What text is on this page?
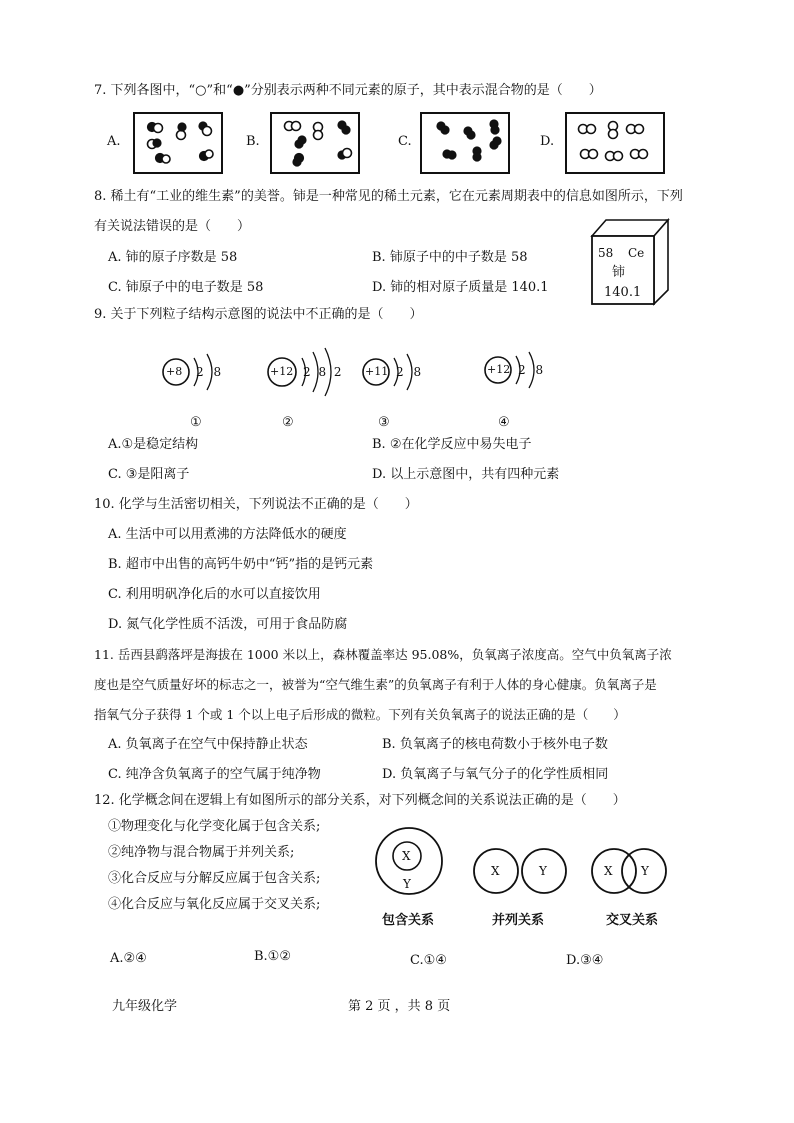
7. 下列各图中，“○”和“●”分别表示两种不同元素的原子，其中表示混合物的是（　　）
A.	B.	C.	D.
8. 稀土有“工业的维生素”的美誉。铈是一种常见的稀土元素，它在元素周期表中的信息如图所示，下列
有关说法错误的是（　　）
A. 铈的原子序数是 58	B. 铈原子中的中子数是 58
C. 铈原子中的电子数是 58	D. 铈的相对原子质量是 140.1
58 Ce
铈
140.1
9. 关于下列粒子结构示意图的说法中不正确的是（　　）
+8 2 8
①
+12 2 8 2
②
+11 2 8
③
+12 2 8
④
A.①是稳定结构	B. ②在化学反应中易失电子
C. ③是阳离子	D. 以上示意图中，共有四种元素
10. 化学与生活密切相关，下列说法不正确的是（　　）
A. 生活中可以用煮沸的方法降低水的硬度
B. 超市中出售的高钙牛奶中“钙”指的是钙元素
C. 利用明矾净化后的水可以直接饮用
D. 氮气化学性质不活泼，可用于食品防腐
11. 岳西县鹞落坪是海拔在 1000 米以上，森林覆盖率达 95.08%，负氧离子浓度高。空气中负氧离子浓
度也是空气质量好坏的标志之一，被誉为“空气维生素”的负氧离子有利于人体的身心健康。负氧离子是
指氧气分子获得 1 个或 1 个以上电子后形成的微粒。下列有关负氧离子的说法正确的是（　　）
A. 负氧离子在空气中保持静止状态	B. 负氧离子的核电荷数小于核外电子数
C. 纯净含负氧离子的空气属于纯净物	D. 负氧离子与氧气分子的化学性质相同
12. 化学概念间在逻辑上有如图所示的部分关系，对下列概念间的关系说法正确的是（　　）
①物理变化与化学变化属于包含关系;
②纯净物与混合物属于并列关系;
③化合反应与分解反应属于包含关系;
④化合反应与氧化反应属于交叉关系;
X
Y
包含关系
X	Y
并列关系
X Y
交叉关系
A.②④	B.①②	C.①④	D.③④
九年级化学	第 2 页 ，共 8 页
